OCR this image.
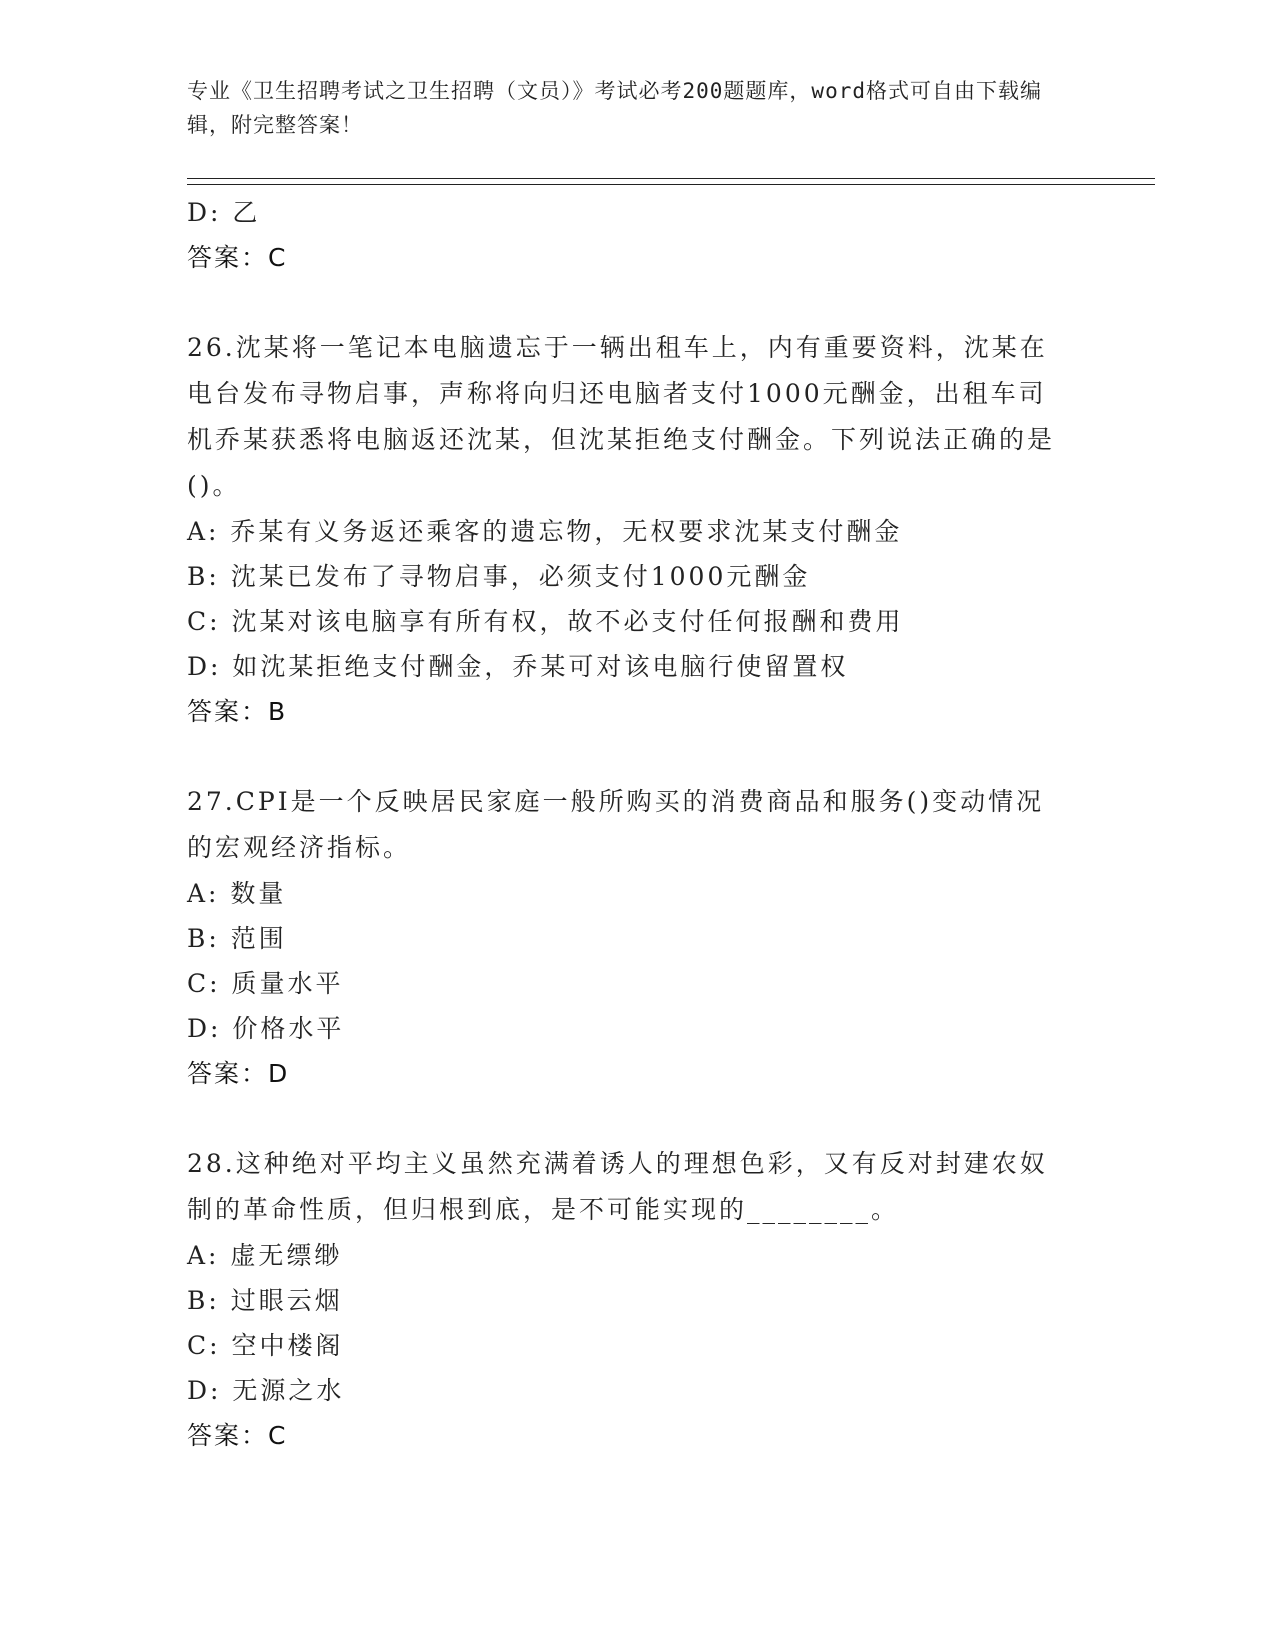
专业《卫生招聘考试之卫生招聘（文员）》考试必考200题题库，word格式可自由下载编辑，附完整答案！
D: 乙
答案：C
26.沈某将一笔记本电脑遗忘于一辆出租车上，内有重要资料，沈某在电台发布寻物启事，声称将向归还电脑者支付1000元酬金，出租车司机乔某获悉将电脑返还沈某，但沈某拒绝支付酬金。下列说法正确的是()。
A: 乔某有义务返还乘客的遗忘物，无权要求沈某支付酬金
B: 沈某已发布了寻物启事，必须支付1000元酬金
C: 沈某对该电脑享有所有权，故不必支付任何报酬和费用
D: 如沈某拒绝支付酬金，乔某可对该电脑行使留置权
答案：B
27.CPI是一个反映居民家庭一般所购买的消费商品和服务()变动情况的宏观经济指标。
A: 数量
B: 范围
C: 质量水平
D: 价格水平
答案：D
28.这种绝对平均主义虽然充满着诱人的理想色彩，又有反对封建农奴制的革命性质，但归根到底，是不可能实现的________。
A: 虚无缥缈
B: 过眼云烟
C: 空中楼阁
D: 无源之水
答案：C
